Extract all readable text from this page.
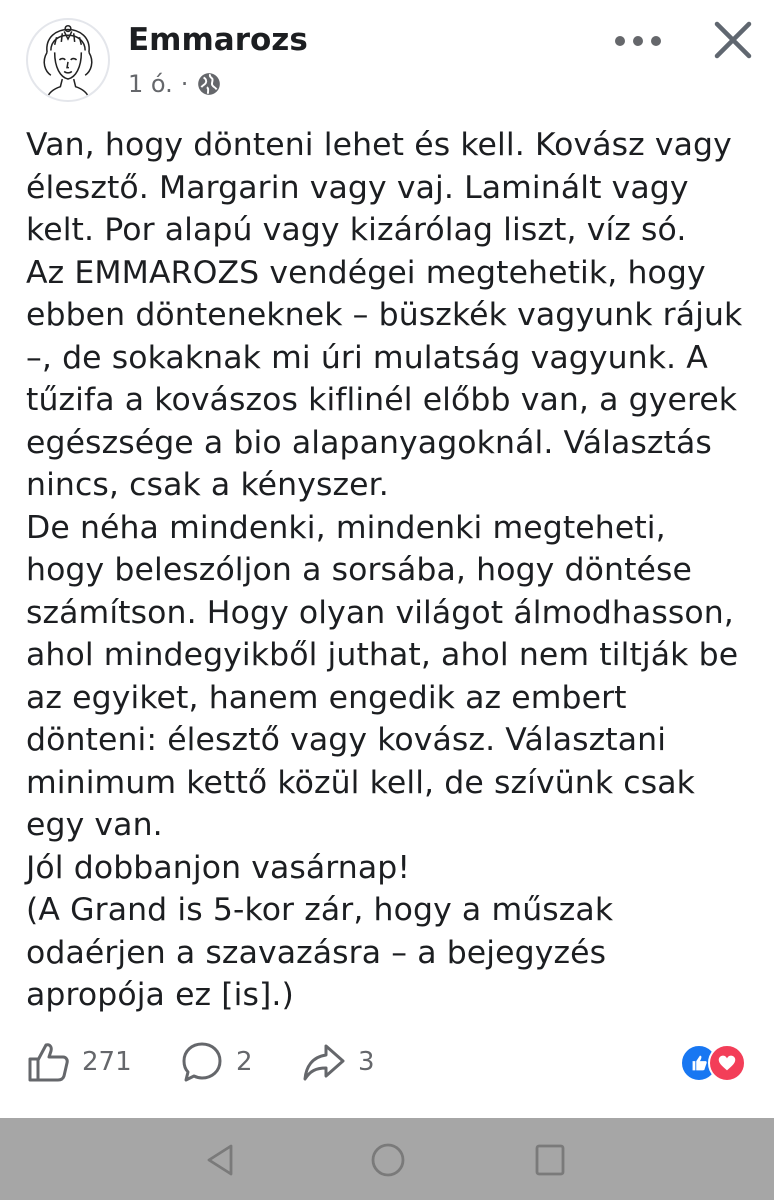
Emmarozs
1 ó. ·
Van, hogy dönteni lehet és kell. Kovász vagy
élesztő. Margarin vagy vaj. Laminált vagy
kelt. Por alapú vagy kizárólag liszt, víz só.
Az EMMAROZS vendégei megtehetik, hogy
ebben dönteneknek – büszkék vagyunk rájuk
–, de sokaknak mi úri mulatság vagyunk. A
tűzifa a kovászos kiflinél előbb van, a gyerek
egészsége a bio alapanyagoknál. Választás
nincs, csak a kényszer.
De néha mindenki, mindenki megteheti,
hogy beleszóljon a sorsába, hogy döntése
számítson. Hogy olyan világot álmodhasson,
ahol mindegyikből juthat, ahol nem tiltják be
az egyiket, hanem engedik az embert
dönteni: élesztő vagy kovász. Választani
minimum kettő közül kell, de szívünk csak
egy van.
Jól dobbanjon vasárnap!
(A Grand is 5-kor zár, hogy a műszak
odaérjen a szavazásra – a bejegyzés
apropója ez [is].)
271	2	3
